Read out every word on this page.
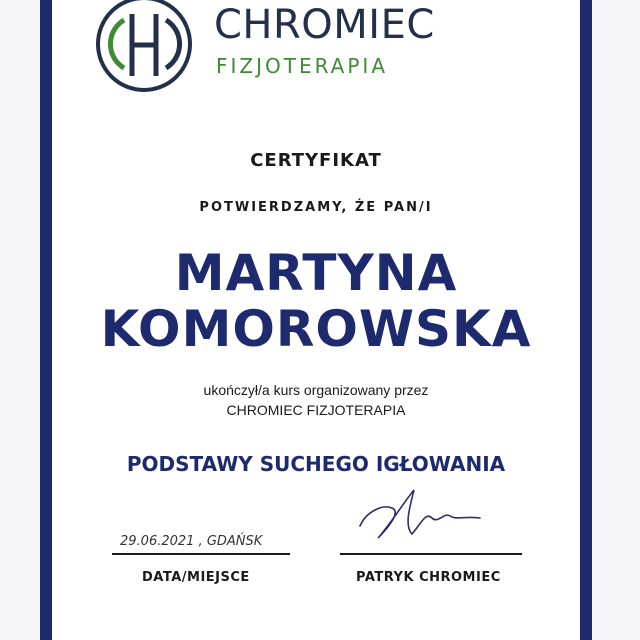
CHROMIEC
FIZJOTERAPIA
CERTYFIKAT
POTWIERDZAMY, ŻE PAN/I
MARTYNA
KOMOROWSKA
ukończył/a kurs organizowany przez
CHROMIEC FIZJOTERAPIA
PODSTAWY SUCHEGO IGŁOWANIA
29.06.2021 , GDAŃSK
DATA/MIEJSCE	PATRYK CHROMIEC
